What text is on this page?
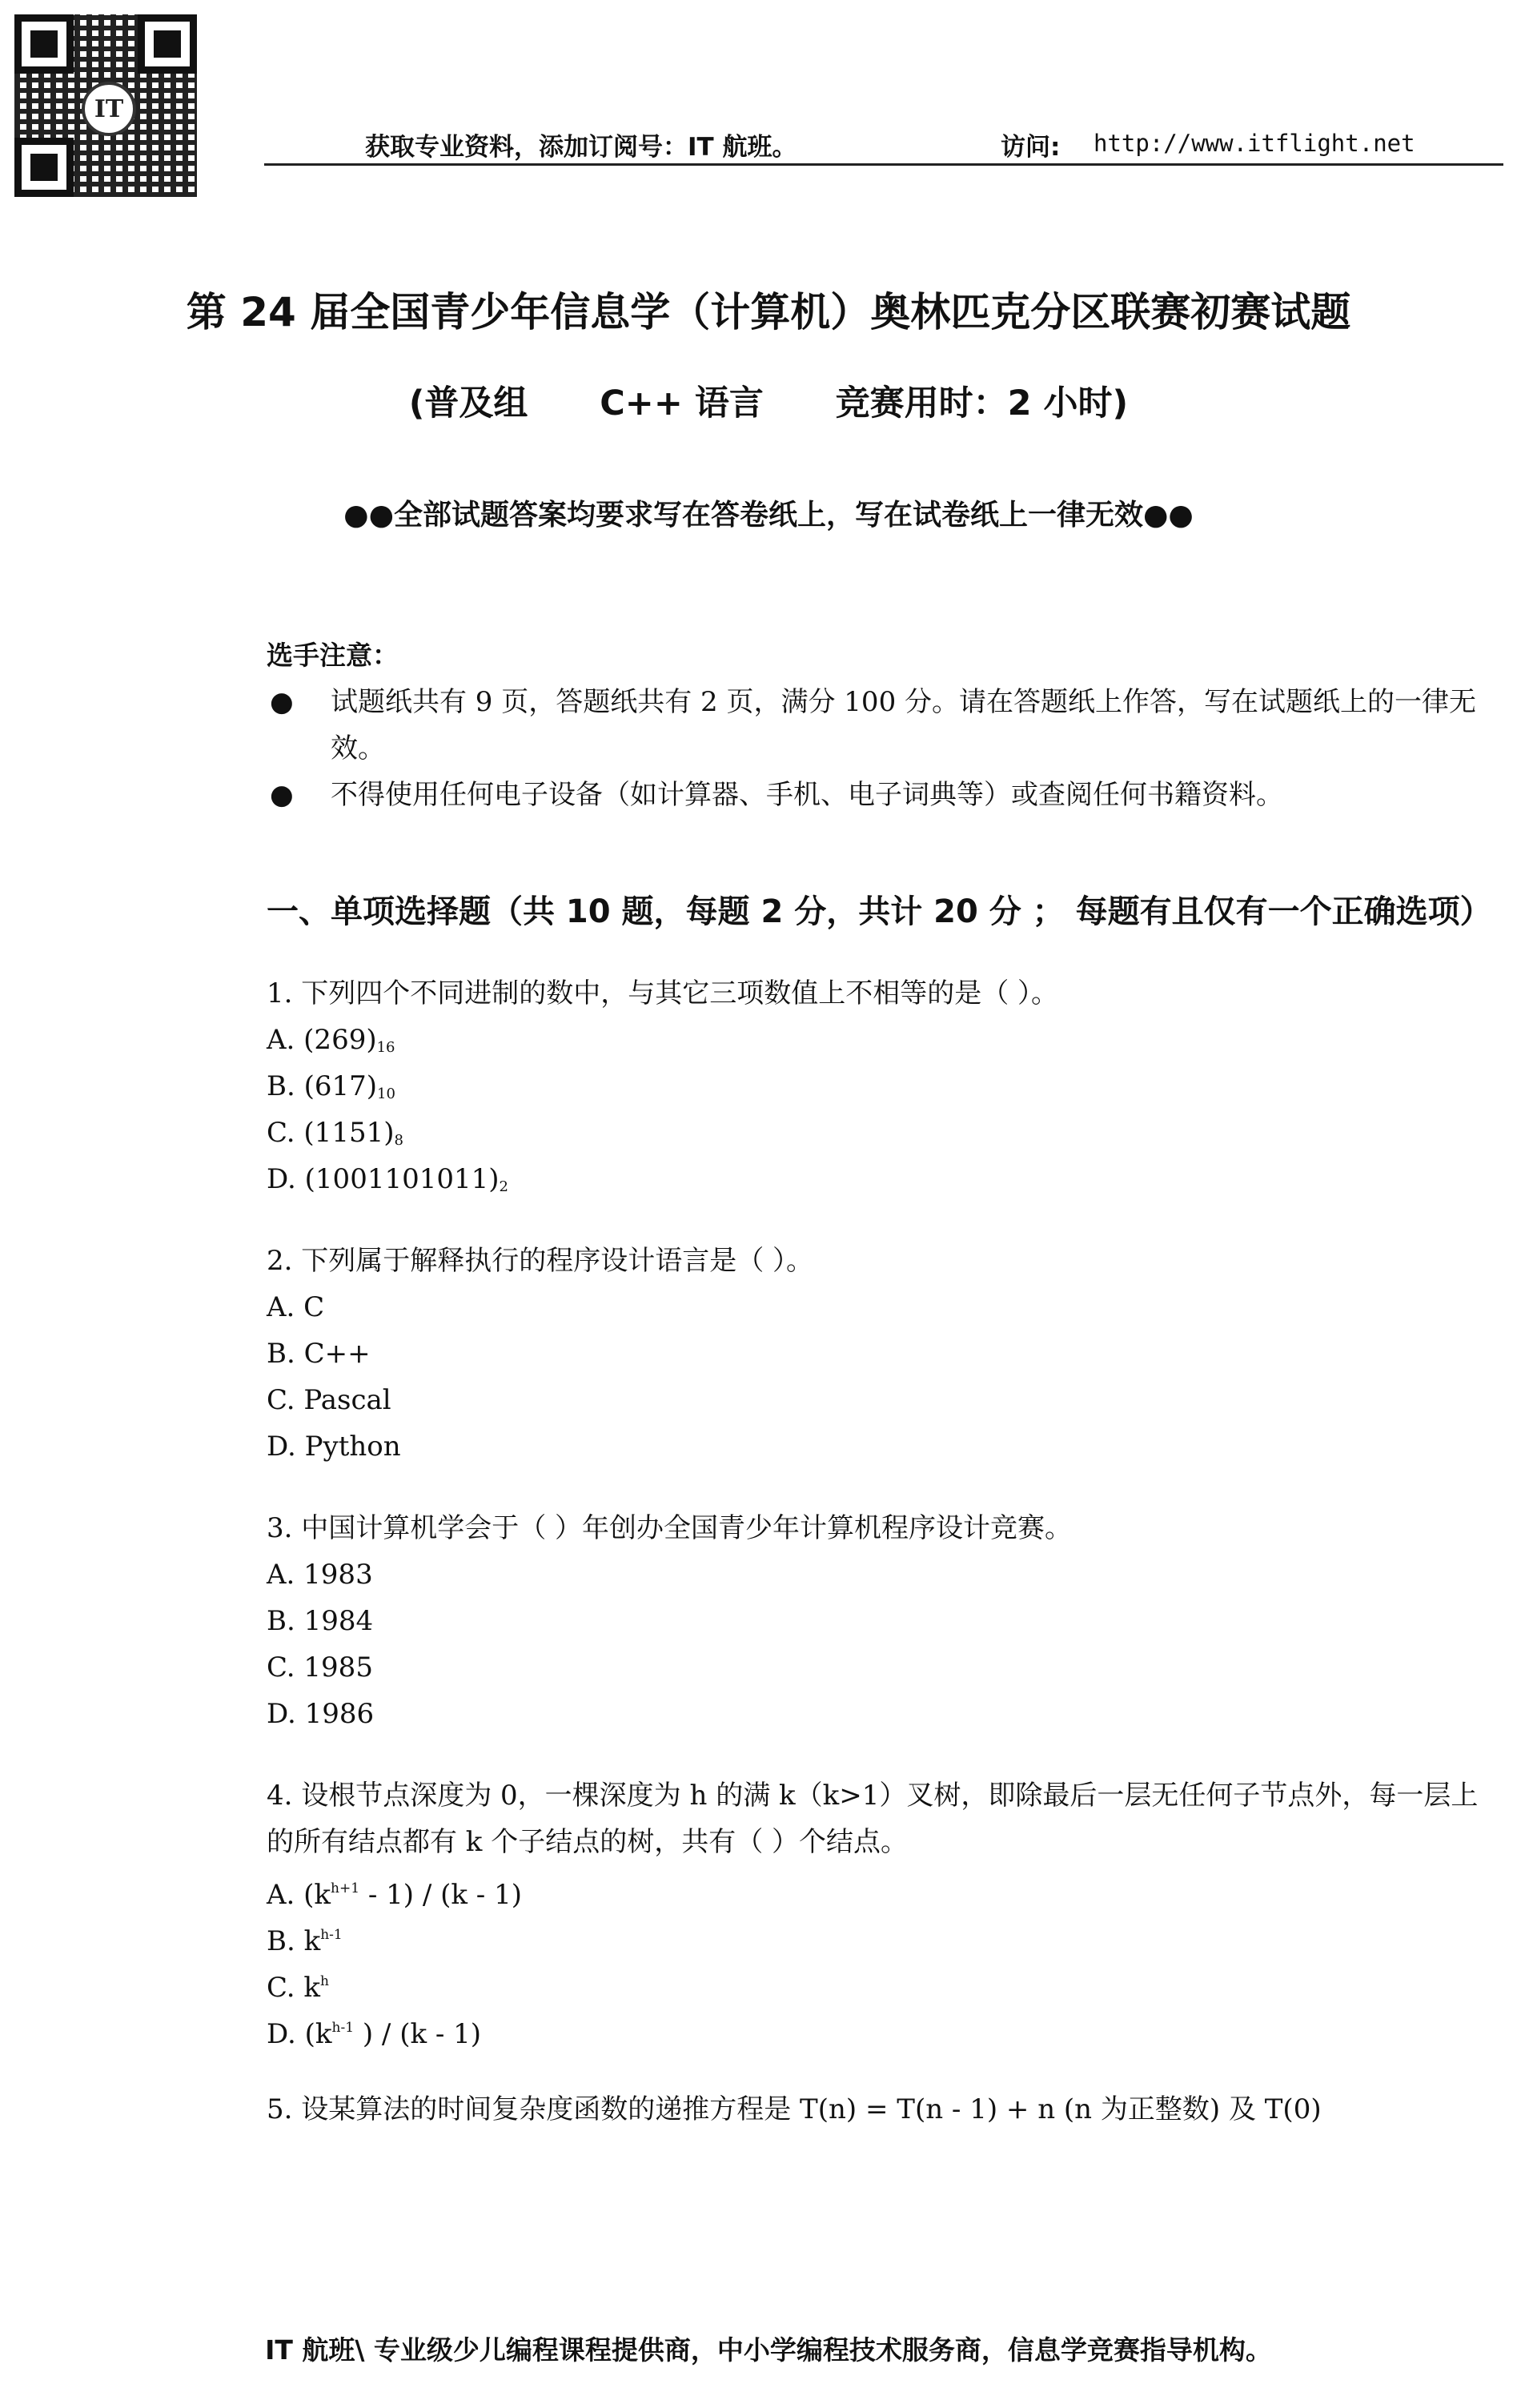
IT
获取专业资料，添加订阅号：IT 航班。	访问: http://www.itflight.net
第 24 届全国青少年信息学（计算机）奥林匹克分区联赛初赛试题
(普及组      C++ 语言      竞赛用时：2 小时)
●●全部试题答案均要求写在答卷纸上，写在试卷纸上一律无效●●
选手注意：
● 试题纸共有 9 页，答题纸共有 2 页，满分 100 分。请在答题纸上作答，写在试题纸上的一律无效。
● 不得使用任何电子设备（如计算器、手机、电子词典等）或查阅任何书籍资料。
一、单项选择题（共 10 题，每题 2 分，共计 20 分 ； 每题有且仅有一个正确选项）
1. 下列四个不同进制的数中，与其它三项数值上不相等的是（ ）。
A. $(269)_{16}$
B. $(617)_{10}$
C. $(1151)_8$
D. $(1001101011)_2$
2. 下列属于解释执行的程序设计语言是（ ）。
A. C
B. C++
C. Pascal
D. Python
3. 中国计算机学会于（ ）年创办全国青少年计算机程序设计竞赛。
A. 1983
B. 1984
C. 1985
D. 1986
4. 设根节点深度为 0，一棵深度为 h 的满 k（k>1）叉树，即除最后一层无任何子节点外，每一层上的所有结点都有 k 个子结点的树，共有（ ）个结点。
A. $(k^{h+1} - 1) / (k - 1)$
B. $k^{h-1}$
C. $k^h$
D. ($k^{h-1}$ ) / (k - 1)
5. 设某算法的时间复杂度函数的递推方程是 T(n) = T(n - 1) + n (n 为正整数) 及 T(0)
IT 航班\ 专业级少儿编程课程提供商，中小学编程技术服务商，信息学竞赛指导机构。
